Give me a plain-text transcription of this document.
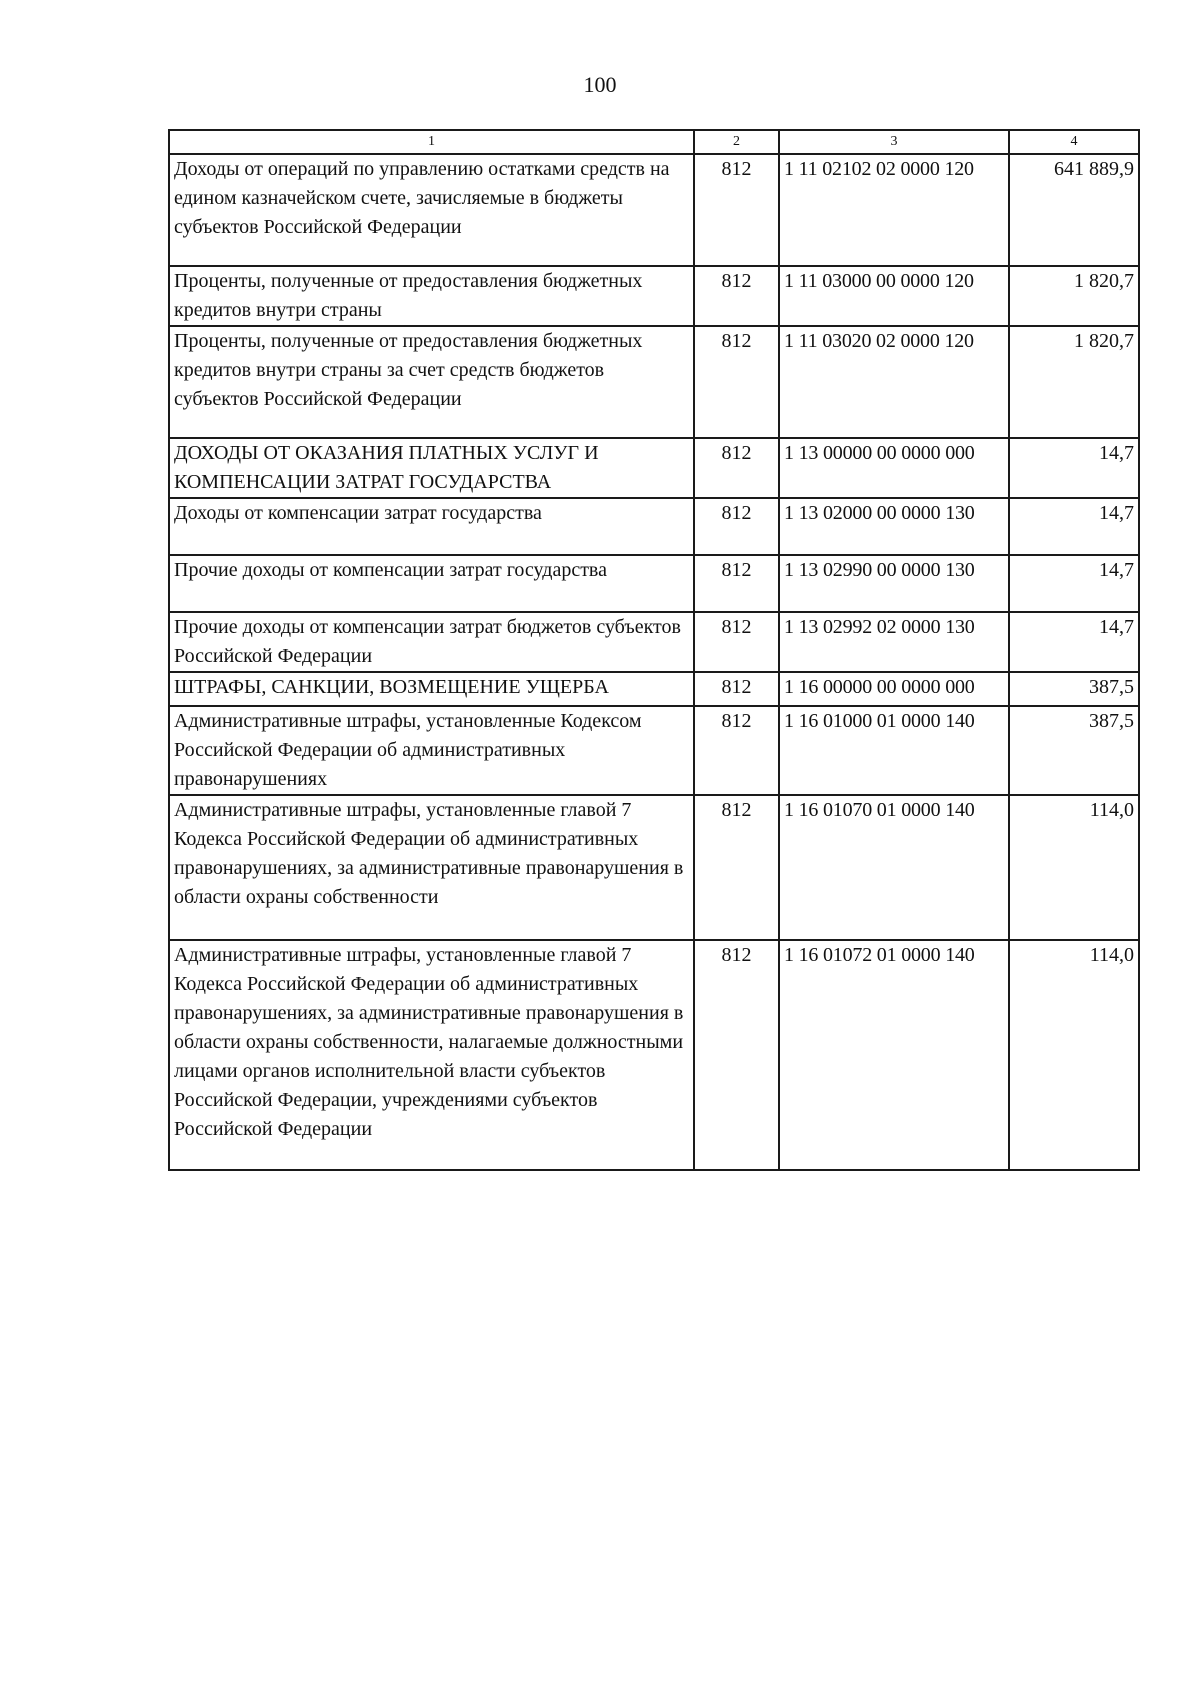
100
1	2	3	4
Доходы от операций по управлению остатками средств на едином казначейском счете, зачисляемые в бюджеты субъектов Российской Федерации	812	1 11 02102 02 0000 120	641 889,9
Проценты, полученные от предоставления бюджетных кредитов внутри страны	812	1 11 03000 00 0000 120	1 820,7
Проценты, полученные от предоставления бюджетных кредитов внутри страны за счет средств бюджетов субъектов Российской Федерации	812	1 11 03020 02 0000 120	1 820,7
ДОХОДЫ ОТ ОКАЗАНИЯ ПЛАТНЫХ УСЛУГ И КОМПЕНСАЦИИ ЗАТРАТ ГОСУДАРСТВА	812	1 13 00000 00 0000 000	14,7
Доходы от компенсации затрат государства	812	1 13 02000 00 0000 130	14,7
Прочие доходы от компенсации затрат государства	812	1 13 02990 00 0000 130	14,7
Прочие доходы от компенсации затрат бюджетов субъектов Российской Федерации	812	1 13 02992 02 0000 130	14,7
ШТРАФЫ, САНКЦИИ, ВОЗМЕЩЕНИЕ УЩЕРБА	812	1 16 00000 00 0000 000	387,5
Административные штрафы, установленные Кодексом Российской Федерации об административных правонарушениях	812	1 16 01000 01 0000 140	387,5
Административные штрафы, установленные главой 7 Кодекса Российской Федерации об административных правонарушениях, за административные правонарушения в области охраны собственности	812	1 16 01070 01 0000 140	114,0
Административные штрафы, установленные главой 7 Кодекса Российской Федерации об административных правонарушениях, за административные правонарушения в области охраны собственности, налагаемые должностными лицами органов исполнительной власти субъектов Российской Федерации, учреждениями субъектов Российской Федерации	812	1 16 01072 01 0000 140	114,0
